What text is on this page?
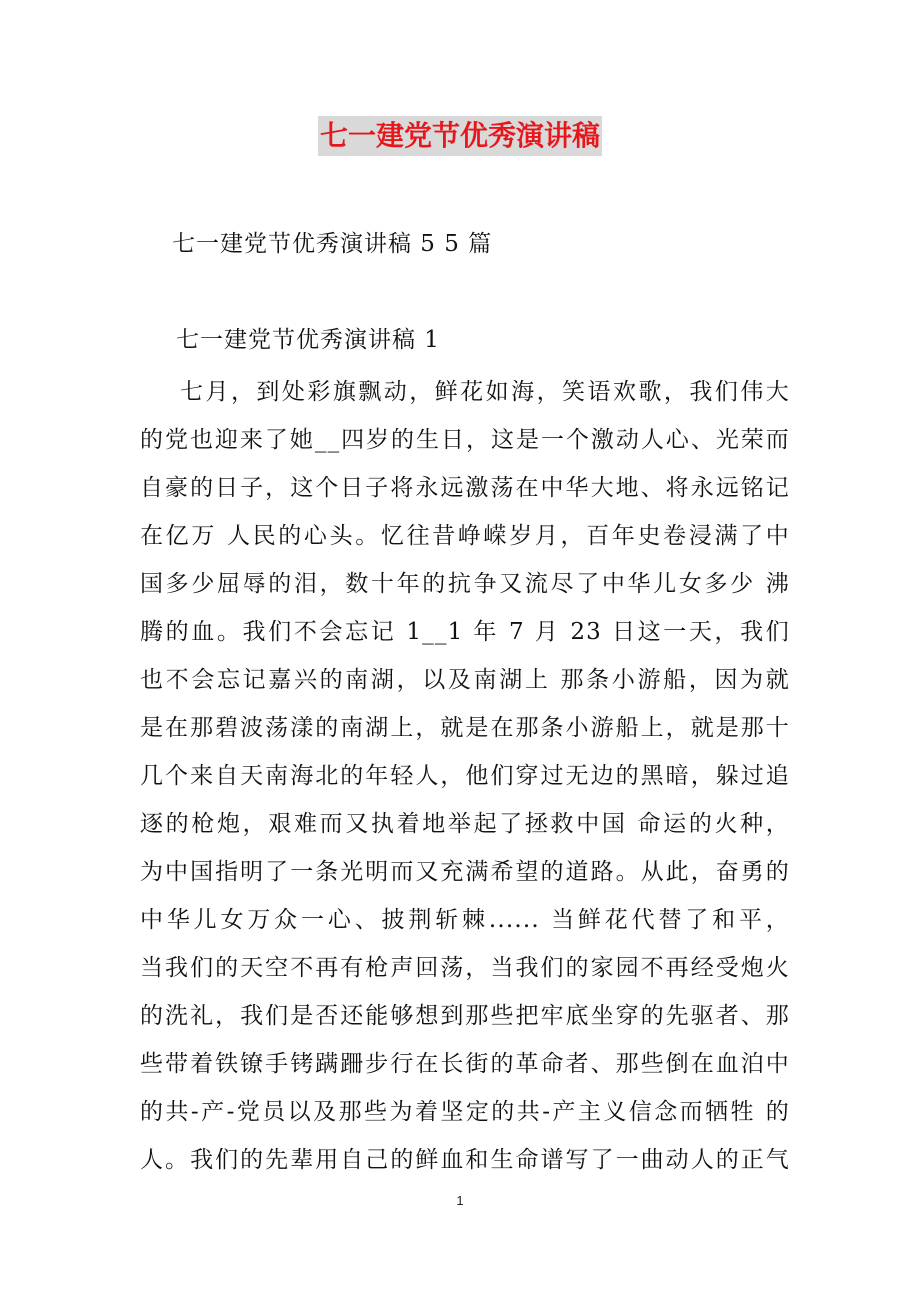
七一建党节优秀演讲稿

七一建党节优秀演讲稿 5 5 篇

七一建党节优秀演讲稿 1

七月，到处彩旗飘动，鲜花如海，笑语欢歌，我们伟大
的党也迎来了她__四岁的生日，这是一个激动人心、光荣而
自豪的日子，这个日子将永远激荡在中华大地、将永远铭记
在亿万 人民的心头。忆往昔峥嵘岁月，百年史卷浸满了中
国多少屈辱的泪，数十年的抗争又流尽了中华儿女多少 沸
腾的血。我们不会忘记 1__1 年 7 月 23 日这一天，我们
也不会忘记嘉兴的南湖，以及南湖上 那条小游船，因为就
是在那碧波荡漾的南湖上，就是在那条小游船上，就是那十
几个来自天南海北的年轻人，他们穿过无边的黑暗，躲过追
逐的枪炮，艰难而又执着地举起了拯救中国 命运的火种，
为中国指明了一条光明而又充满希望的道路。从此，奋勇的
中华儿女万众一心、披荆斩棘...... 当鲜花代替了和平，
当我们的天空不再有枪声回荡，当我们的家园不再经受炮火
的洗礼，我们是否还能够想到那些把牢底坐穿的先驱者、那
些带着铁镣手铐蹒跚步行在长街的革命者、那些倒在血泊中
的共-产-党员以及那些为着坚定的共-产主义信念而牺牲 的
人。我们的先辈用自己的鲜血和生命谱写了一曲动人的正气
1
